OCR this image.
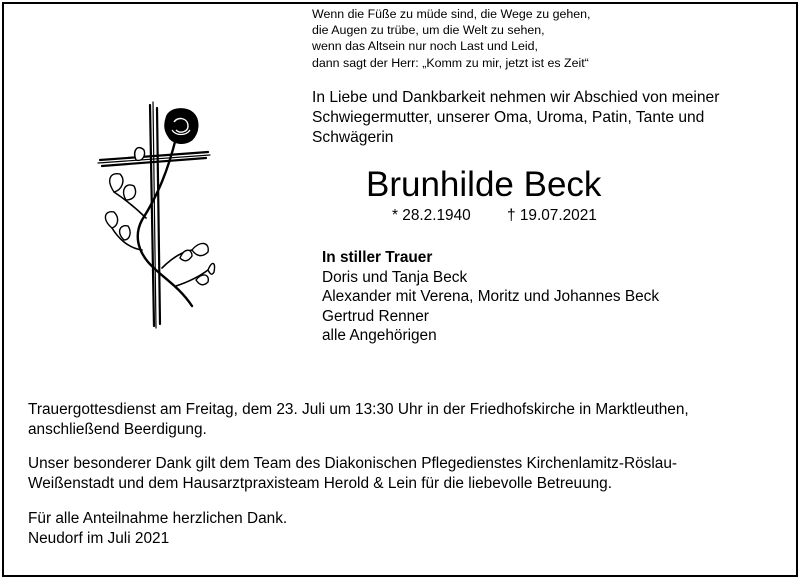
Wenn die Füße zu müde sind, die Wege zu gehen,
die Augen zu trübe, um die Welt zu sehen,
wenn das Altsein nur noch Last und Leid,
dann sagt der Herr: „Komm zu mir, jetzt ist es Zeit“
In Liebe und Dankbarkeit nehmen wir Abschied von meiner
Schwiegermutter, unserer Oma, Uroma, Patin, Tante und
Schwägerin
Brunhilde Beck
* 28.2.1940 † 19.07.2021
In stiller Trauer
Doris und Tanja Beck
Alexander mit Verena, Moritz und Johannes Beck
Gertrud Renner
alle Angehörigen
Trauergottesdienst am Freitag, dem 23. Juli um 13:30 Uhr in der Friedhofskirche in Marktleuthen,
anschließend Beerdigung.
Unser besonderer Dank gilt dem Team des Diakonischen Pflegedienstes Kirchenlamitz-Röslau-
Weißenstadt und dem Hausarztpraxisteam Herold & Lein für die liebevolle Betreuung.
Für alle Anteilnahme herzlichen Dank.
Neudorf im Juli 2021
